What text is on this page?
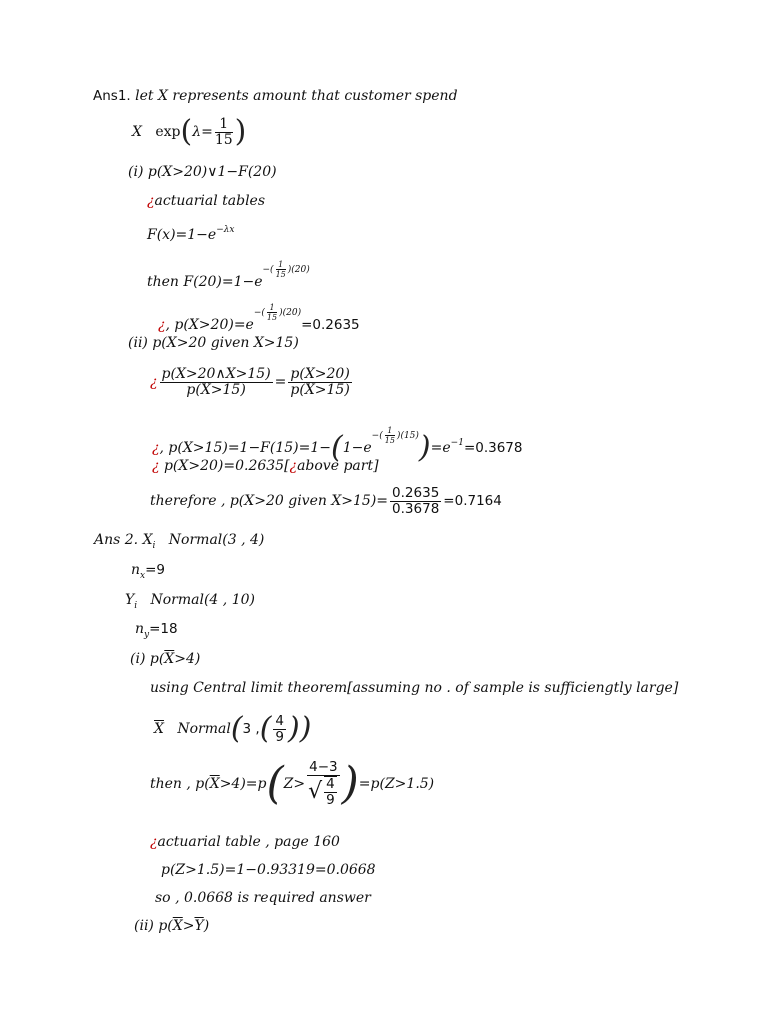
Ans1. let X represents amount that customer spend
X $\exp(\lambda= \frac{1}{15}$ )
(i) p(X>20)∨1−F(20)
¿actuarial tables
$F(x)=1-e^{-\lambda x}$
then $F(20)=1-e^{-( \frac{1}{15} )(20)}$
¿, $p(X>20)=e^{-( \frac{1}{15} )(20)}=0.2635$
(ii) p(X>20 given X>15)
¿ $\frac{p(X>20\wedge X>15)}{p(X>15)} = \frac{p(X>20)}{p(X>15)}$
¿, $p(X>15)=1-F(15)=1-(1-e^{-( \frac{1}{15} )(15)})=e^{-1}=0.3678$
¿ p(X>20)=0.2635[¿above part]
therefore , p(X>20 given $X>15)= \frac{0.2635}{0.3678} =0.7164$
Ans 2. $X_i$ Normal(3 , 4)
$n_x=9$
$Y_i$ Normal(4 , 10)
$n_y=18$
(i) $p(\overline{X}>4)$
using Central limit theorem[assuming no . of sample is sufficiengtly large]
$\overline{X}$ Normal(3 ,( $\frac{4}{9}$ ))
then , $p(\overline{X}>4)=p(Z> \frac{4-3}{√ \frac{4}{9}} )=p(Z>1.5)$
¿actuarial table , page 160
p(Z>1.5)=1−0.93319=0.0668
so , 0.0668 is required answer
(ii) $p(\overline{X}>\overline{Y})$
